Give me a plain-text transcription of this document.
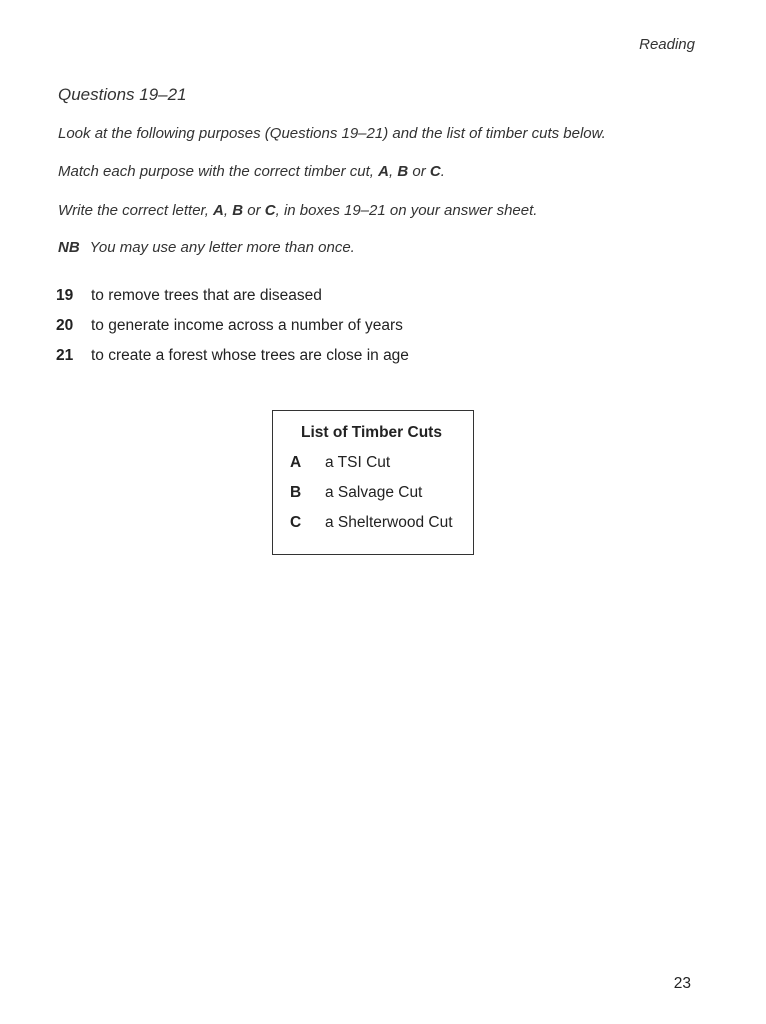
Reading
Questions 19–21
Look at the following purposes (Questions 19–21) and the list of timber cuts below.
Match each purpose with the correct timber cut, A, B or C.
Write the correct letter, A, B or C, in boxes 19–21 on your answer sheet.
NB You may use any letter more than once.
19 to remove trees that are diseased
20 to generate income across a number of years
21 to create a forest whose trees are close in age
List of Timber Cuts
A a TSI Cut
B a Salvage Cut
C a Shelterwood Cut
23
